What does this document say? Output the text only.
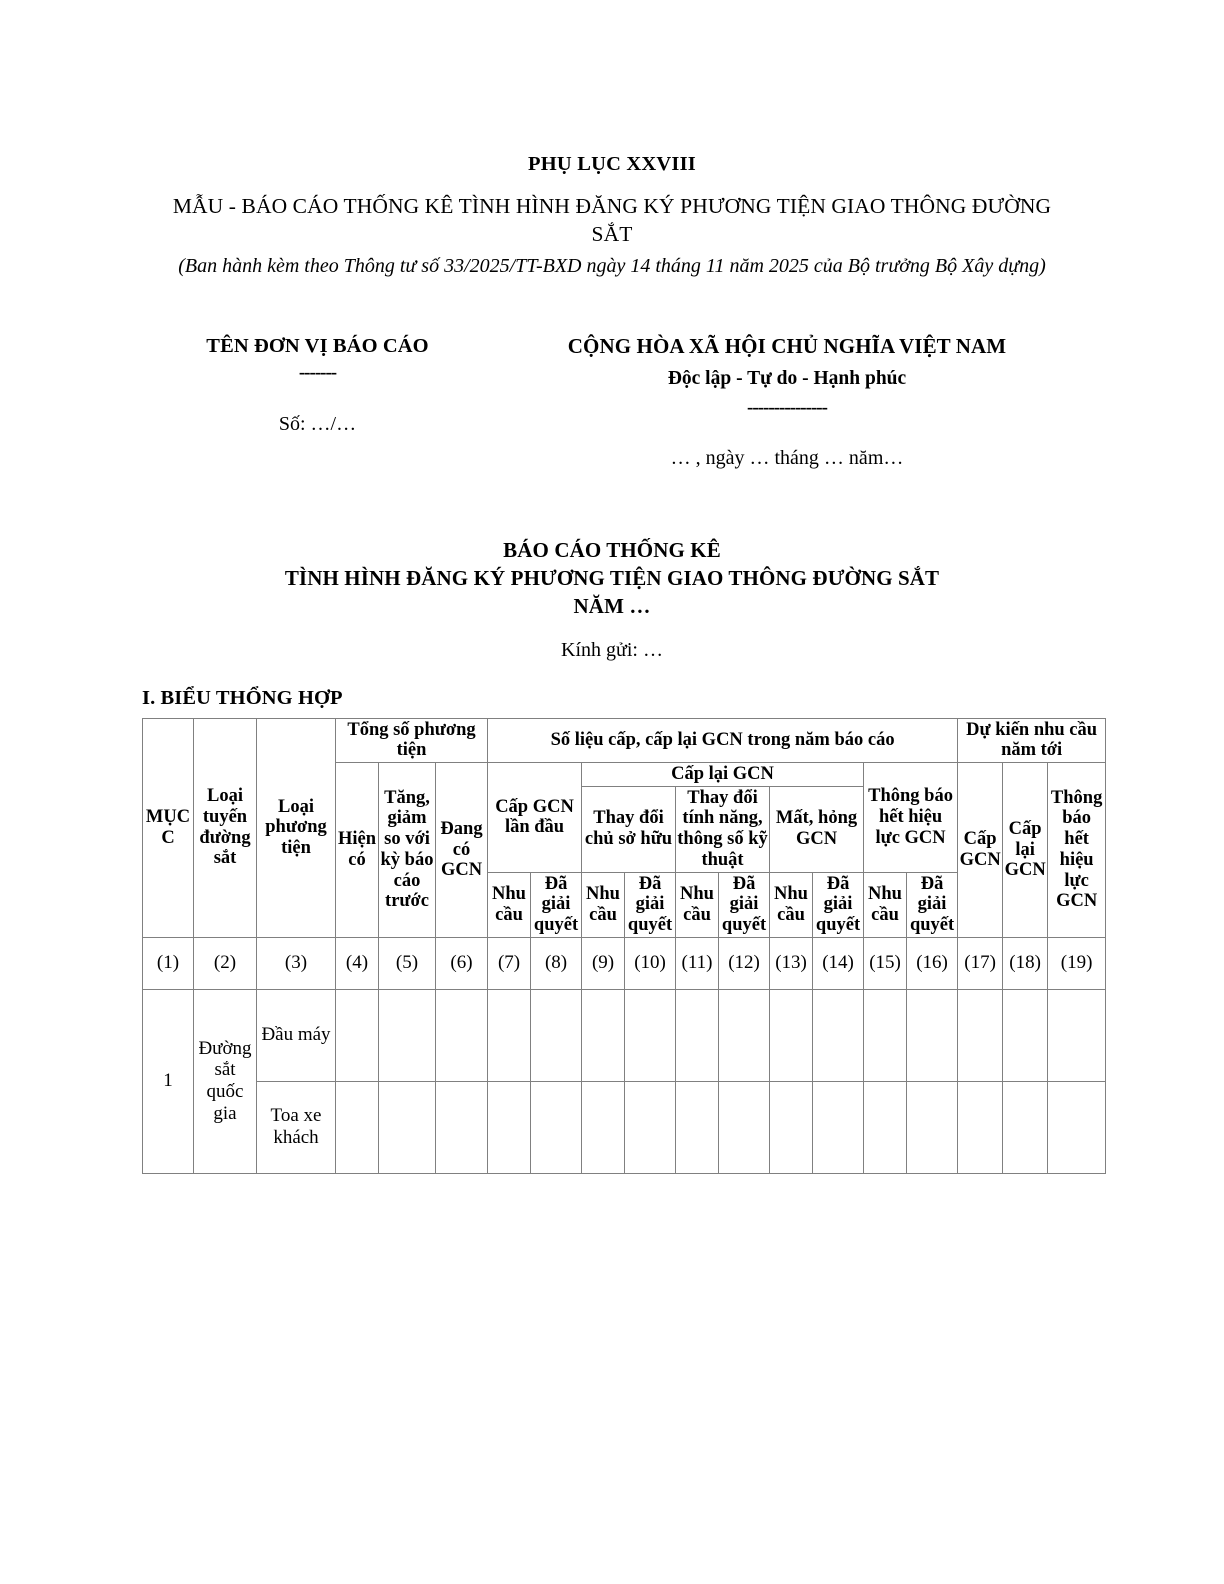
PHỤ LỤC XXVIII
MẪU - BÁO CÁO THỐNG KÊ TÌNH HÌNH ĐĂNG KÝ PHƯƠNG TIỆN GIAO THÔNG ĐƯỜNG SẮT
(Ban hành kèm theo Thông tư số 33/2025/TT-BXD ngày 14 tháng 11 năm 2025 của Bộ trưởng Bộ Xây dựng)
TÊN ĐƠN VỊ BÁO CÁO
-------
Số: …/…
CỘNG HÒA XÃ HỘI CHỦ NGHĨA VIỆT NAM
Độc lập - Tự do - Hạnh phúc
---------------
… , ngày … tháng … năm…
BÁO CÁO THỐNG KÊ
TÌNH HÌNH ĐĂNG KÝ PHƯƠNG TIỆN GIAO THÔNG ĐƯỜNG SẮT
NĂM …
Kính gửi: …
I. BIỂU THỔNG HỢP
MỤC C	Loại tuyến đường sắt	Loại phương tiện	Tổng số phương tiện			Số liệu cấp, cấp lại GCN trong năm báo cáo										Dự kiến nhu cầu năm tới		
			Hiện có	Tăng, giảm so với kỳ báo cáo trước	Đang có GCN	Cấp GCN lần đầu		Cấp lại GCN						Thông báo hết hiệu lực GCN		Cấp GCN	Cấp lại GCN	Thông báo hết hiệu lực GCN
								Thay đổi chủ sở hữu		Thay đổi tính năng, thông số kỹ thuật		Mất, hỏng GCN						
						Nhu cầu	Đã giải quyết	Nhu cầu	Đã giải quyết	Nhu cầu	Đã giải quyết	Nhu cầu	Đã giải quyết	Nhu cầu	Đã giải quyết			
(1)	(2)	(3)	(4)	(5)	(6)	(7)	(8)	(9)	(10)	(11)	(12)	(13)	(14)	(15)	(16)	(17)	(18)	(19)
1	Đường sắt quốc gia	Đầu máy																
		Toa xe khách																
